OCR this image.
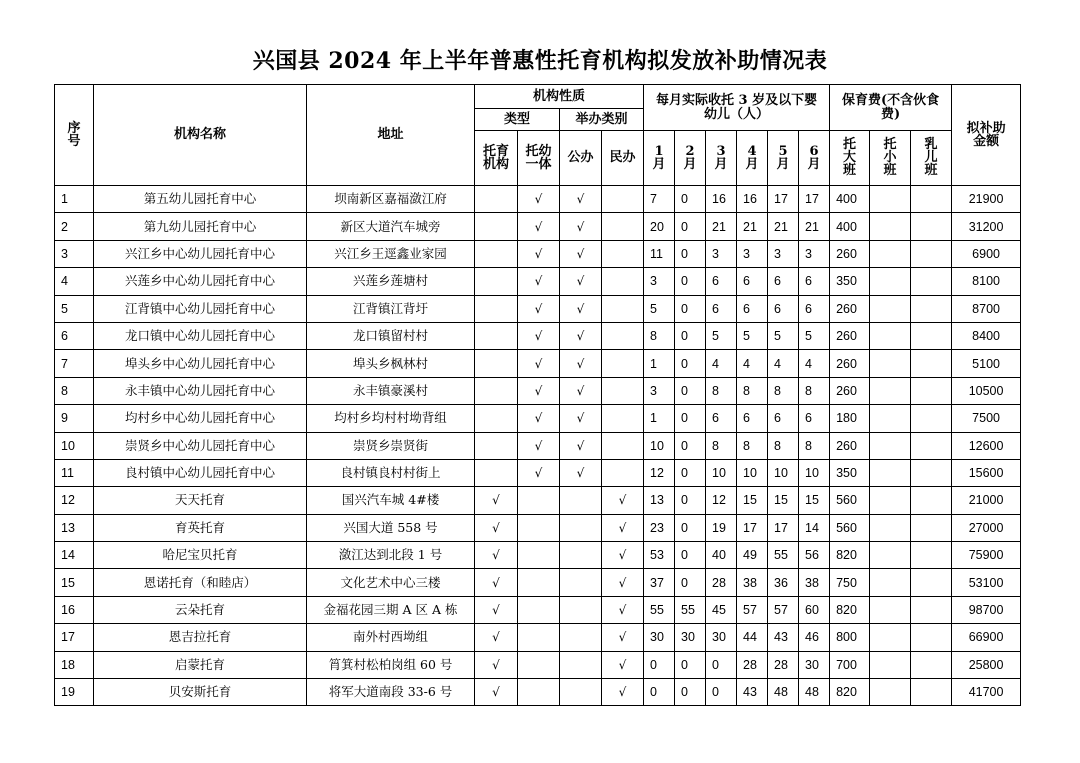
兴国县 2024 年上半年普惠性托育机构拟发放补助情况表
序号	机构名称	地址	机构性质				每月实际收托 3 岁及以下婴幼儿（人）						保育费(不含伙食费)			拟补助金额
			类型		举办类别											
			托育机构	托幼一体	公办	民办	1月	2月	3月	4月	5月	6月	托大班	托小班	乳儿班	
1	第五幼儿园托育中心	坝南新区嘉福潋江府		√	√		7	0	16	16	17	17	400			21900
2	第九幼儿园托育中心	新区大道汽车城旁		√	√		20	0	21	21	21	21	400			31200
3	兴江乡中心幼儿园托育中心	兴江乡王逕鑫业家园		√	√		11	0	3	3	3	3	260			6900
4	兴莲乡中心幼儿园托育中心	兴莲乡莲塘村		√	√		3	0	6	6	6	6	350			8100
5	江背镇中心幼儿园托育中心	江背镇江背圩		√	√		5	0	6	6	6	6	260			8700
6	龙口镇中心幼儿园托育中心	龙口镇留村村		√	√		8	0	5	5	5	5	260			8400
7	埠头乡中心幼儿园托育中心	埠头乡枫林村		√	√		1	0	4	4	4	4	260			5100
8	永丰镇中心幼儿园托育中心	永丰镇豪溪村		√	√		3	0	8	8	8	8	260			10500
9	均村乡中心幼儿园托育中心	均村乡均村村坳背组		√	√		1	0	6	6	6	6	180			7500
10	崇贤乡中心幼儿园托育中心	崇贤乡崇贤街		√	√		10	0	8	8	8	8	260			12600
11	良村镇中心幼儿园托育中心	良村镇良村村街上		√	√		12	0	10	10	10	10	350			15600
12	天天托育	国兴汽车城 4#楼	√			√	13	0	12	15	15	15	560			21000
13	育英托育	兴国大道 558 号	√			√	23	0	19	17	17	14	560			27000
14	哈尼宝贝托育	潋江达到北段 1 号	√			√	53	0	40	49	55	56	820			75900
15	恩诺托育（和睦店）	文化艺术中心三楼	√			√	37	0	28	38	36	38	750			53100
16	云朵托育	金福花园三期 A 区 A 栋	√			√	55	55	45	57	57	60	820			98700
17	恩吉拉托育	南外村西坳组	√			√	30	30	30	44	43	46	800			66900
18	启蒙托育	筲箕村松柏岗组 60 号	√			√	0	0	0	28	28	30	700			25800
19	贝安斯托育	将军大道南段 33-6 号	√			√	0	0	0	43	48	48	820			41700
